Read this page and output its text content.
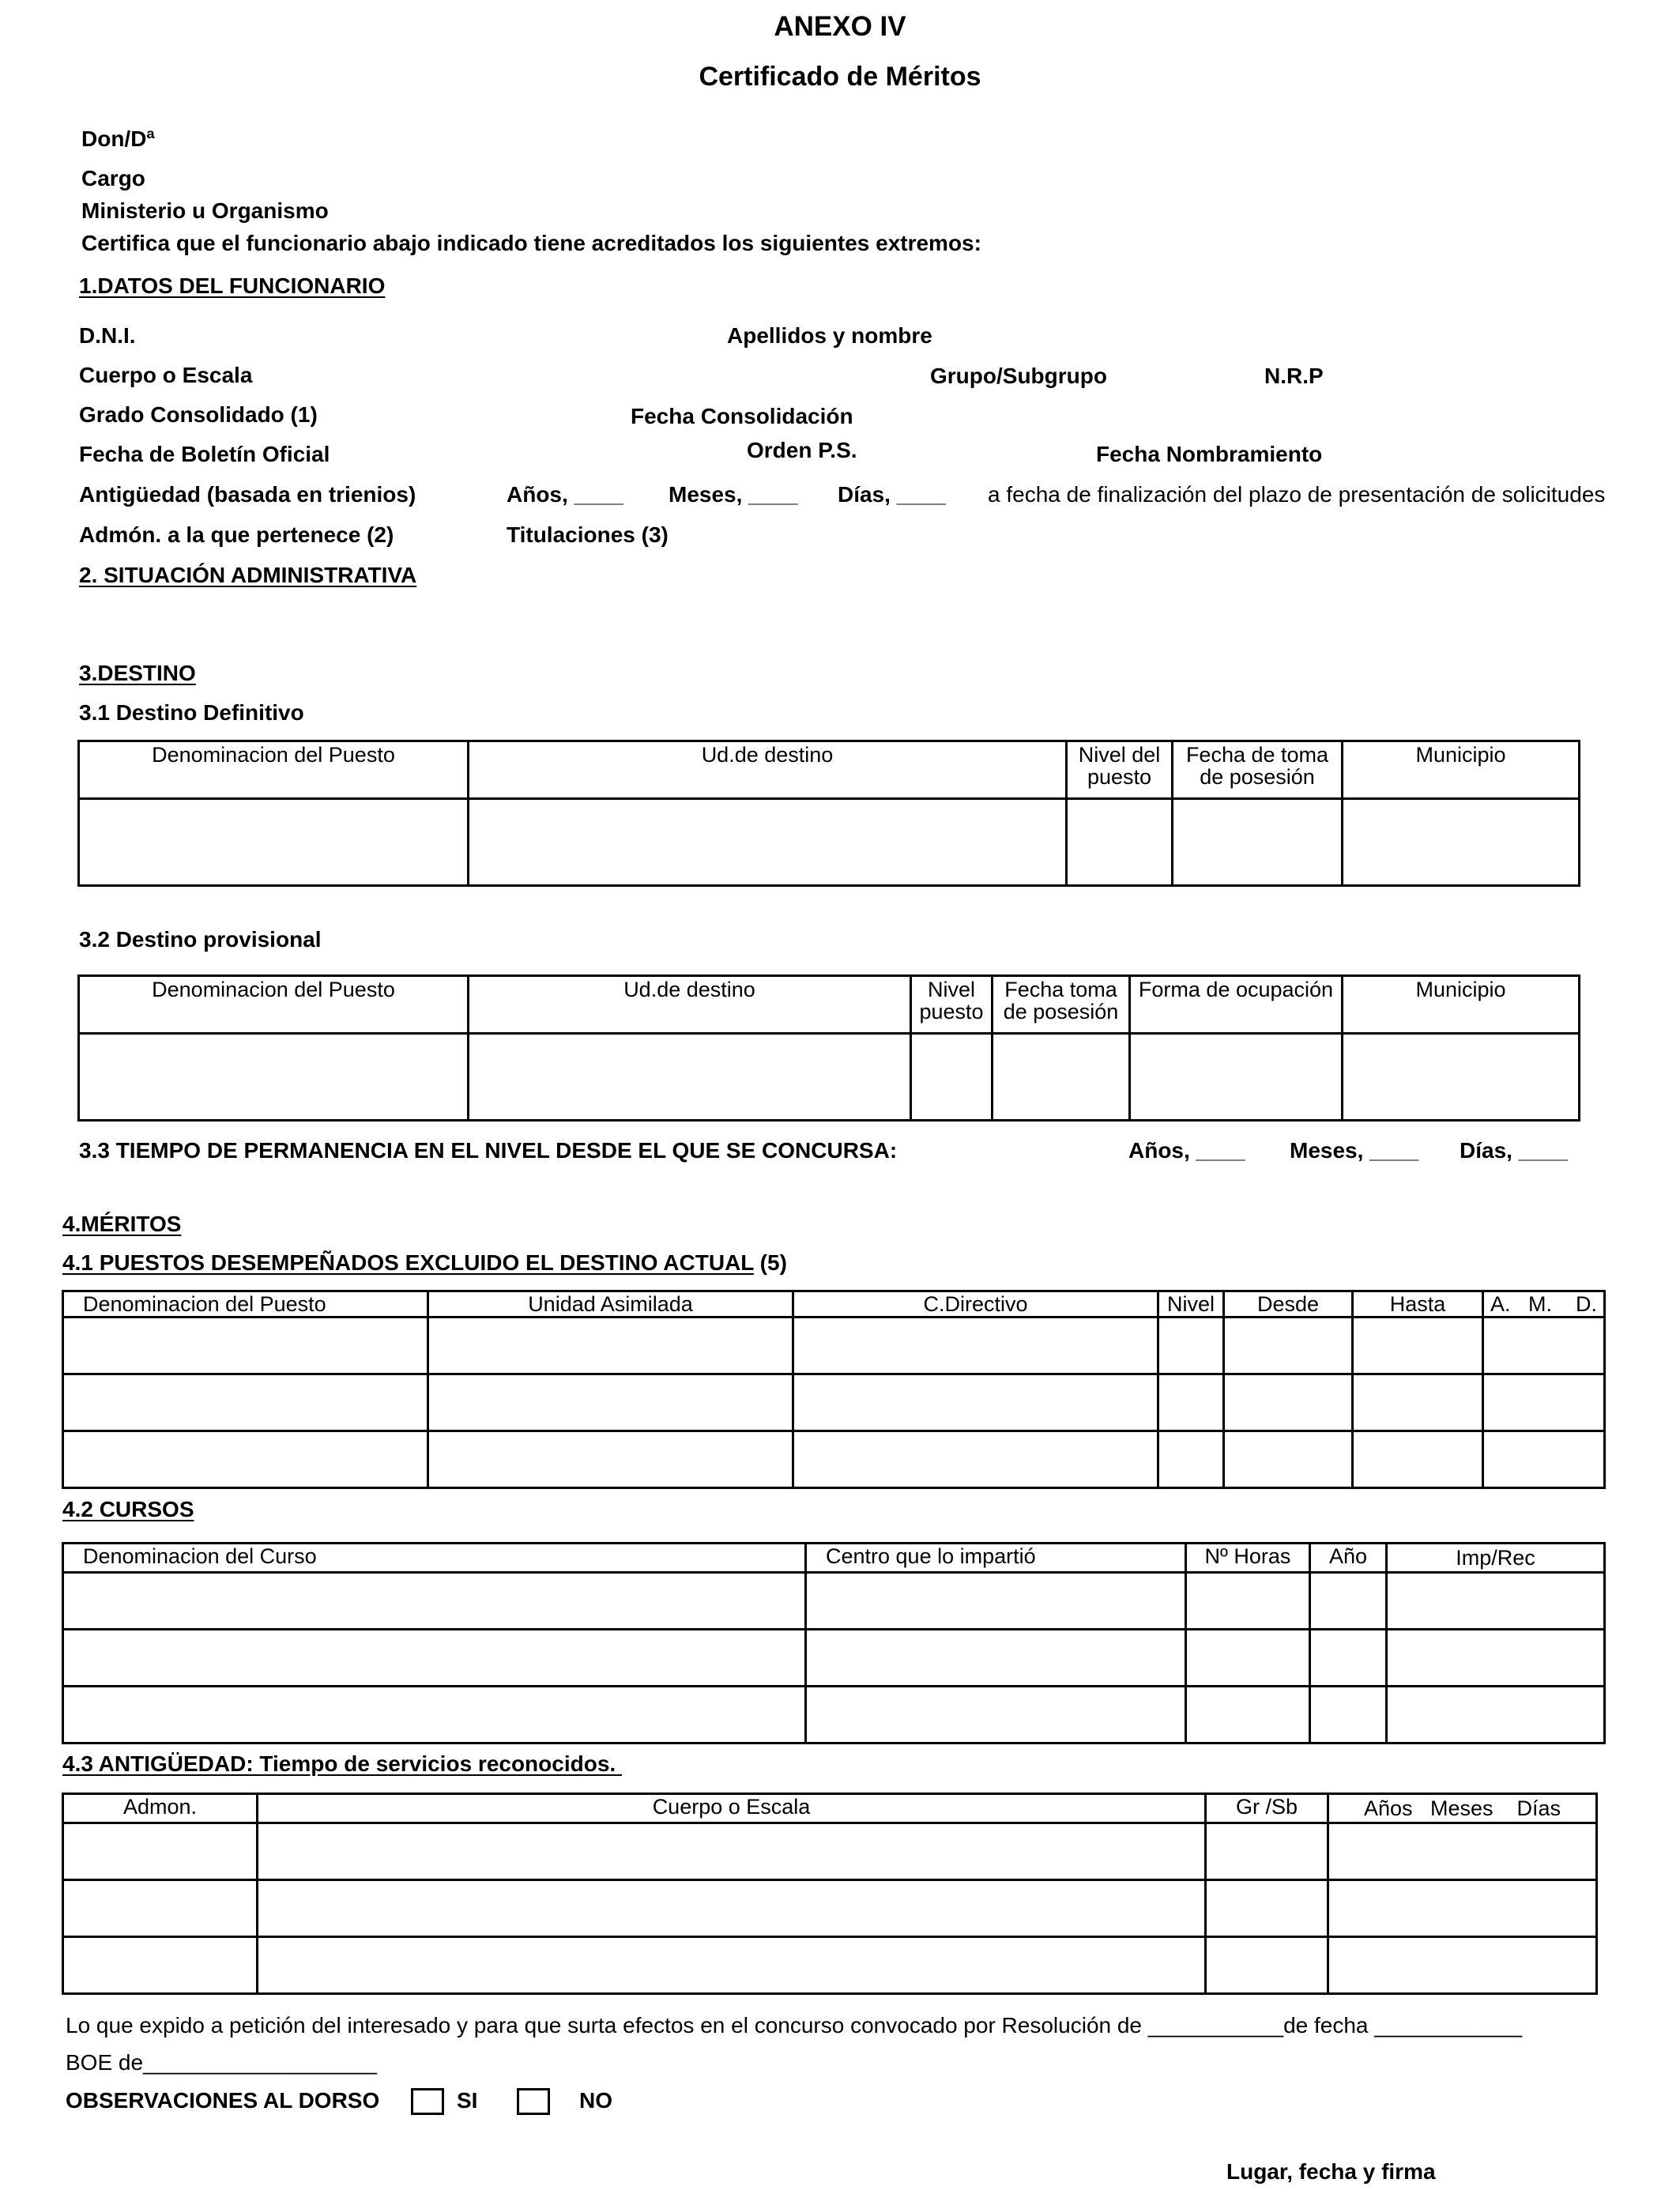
ANEXO IV
Certificado de Méritos
Don/Dª
Cargo
Ministerio u Organismo
Certifica que el funcionario abajo indicado tiene acreditados los siguientes extremos:
1.DATOS DEL FUNCIONARIO
D.N.I.	Apellidos y nombre
Cuerpo o Escala	Grupo/Subgrupo	N.R.P
Grado Consolidado (1)	Fecha Consolidación
Fecha de Boletín Oficial	Orden P.S.	Fecha Nombramiento
Antigüedad (basada en trienios)	Años, ____ Meses, ____ Días, ____ a fecha de finalización del plazo de presentación de solicitudes
Admón. a la que pertenece (2)	Titulaciones (3)
2. SITUACIÓN ADMINISTRATIVA
3.DESTINO
3.1 Destino Definitivo
Denominacion del Puesto	Ud.de destino	Nivel del puesto	Fecha de toma de posesión	Municipio

3.2 Destino provisional
Denominacion del Puesto	Ud.de destino	Nivel puesto	Fecha toma de posesión	Forma de ocupación	Municipio

3.3 TIEMPO DE PERMANENCIA EN EL NIVEL DESDE EL QUE SE CONCURSA:	Años, ____ Meses, ____ Días, ____
4.MÉRITOS
4.1 PUESTOS DESEMPEÑADOS EXCLUIDO EL DESTINO ACTUAL (5)
Denominacion del Puesto	Unidad Asimilada	C.Directivo	Nivel	Desde	Hasta	A.   M.    D.

4.2 CURSOS
Denominacion del Curso	Centro que lo impartió	Nº Horas	Año	Imp/Rec

4.3 ANTIGÜEDAD: Tiempo de servicios reconocidos.
Admon.	Cuerpo o Escala	Gr /Sb	Años   Meses    Días

Lo que expido a petición del interesado y para que surta efectos en el concurso convocado por Resolución de ___________de fecha ____________
BOE de___________________
OBSERVACIONES AL DORSO	SI	NO
Lugar, fecha y firma
